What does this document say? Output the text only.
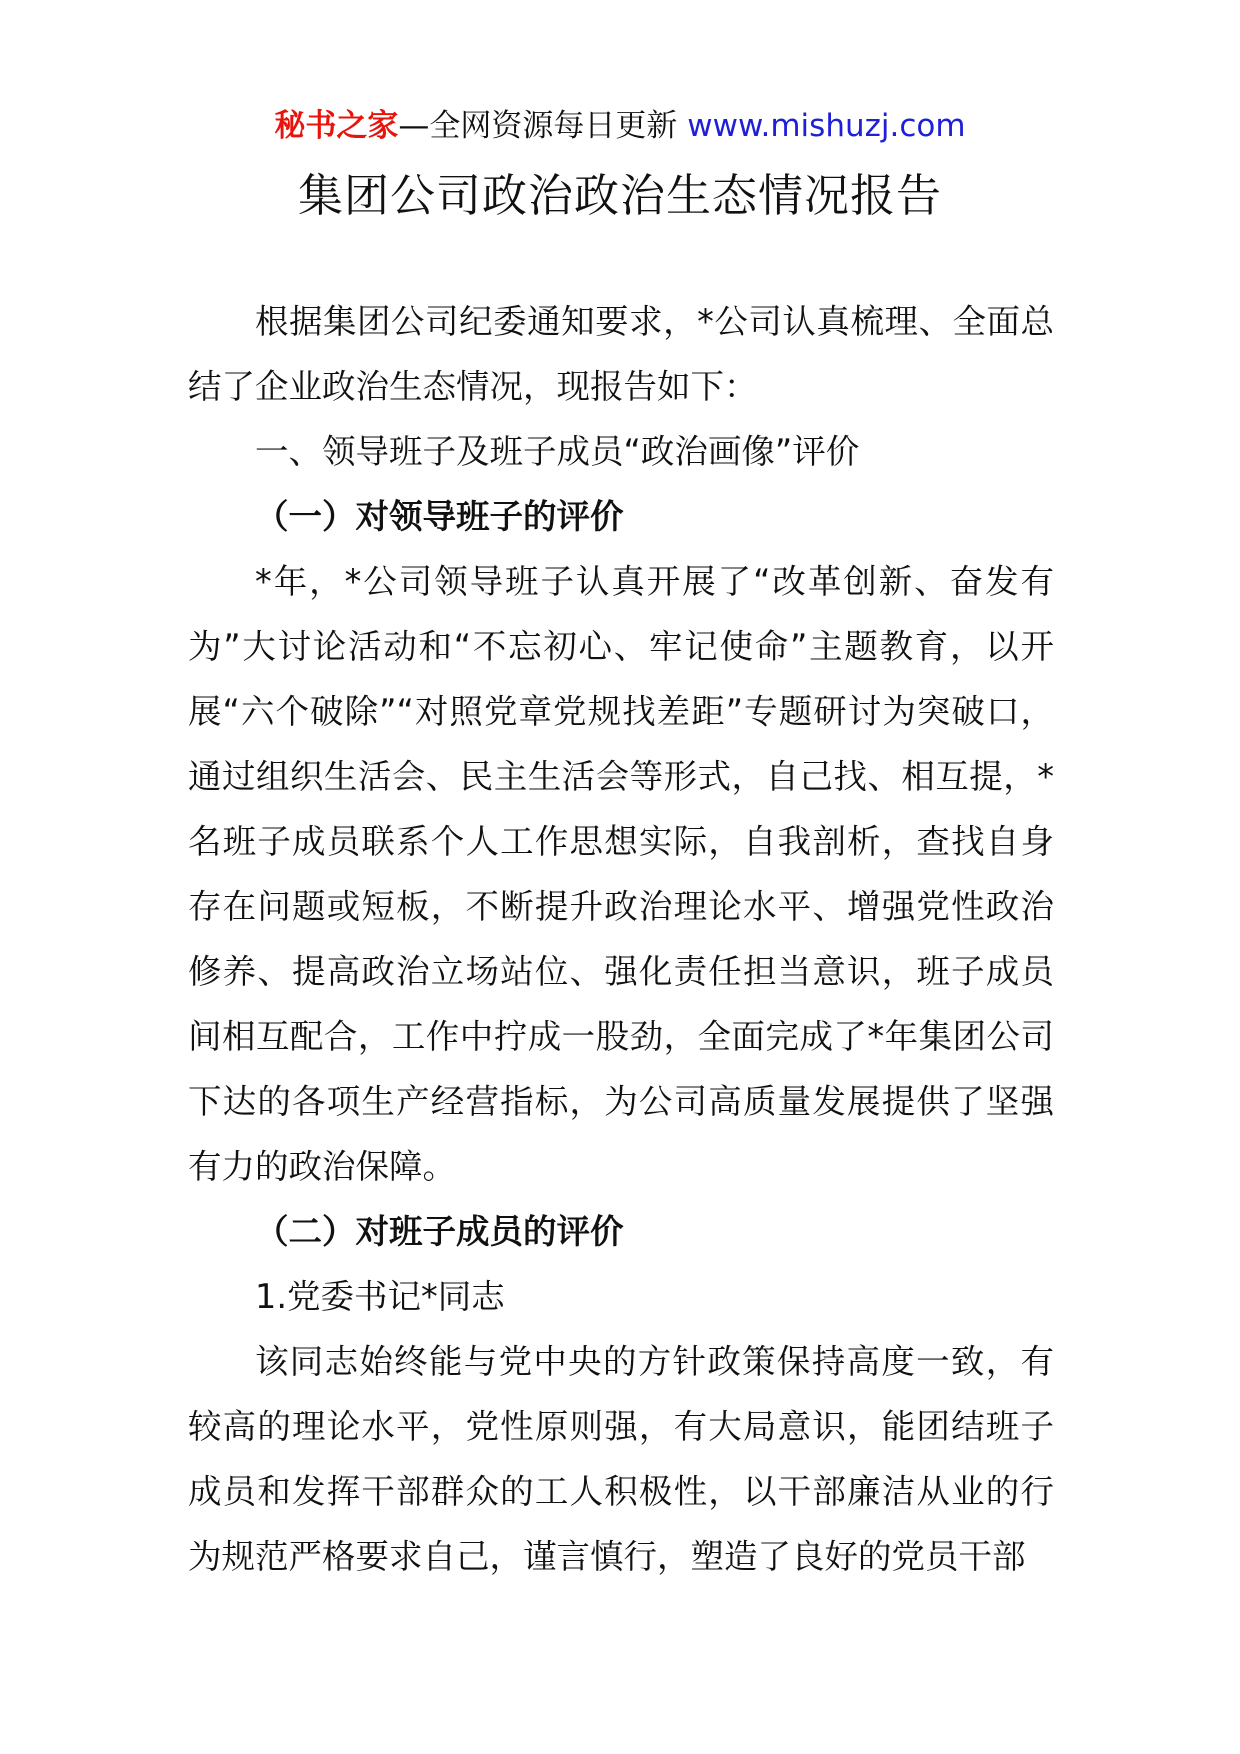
秘书之家—全网资源每日更新 www.mishuzj.com
集团公司政治政治生态情况报告

根据集团公司纪委通知要求，*公司认真梳理、全面总结了企业政治生态情况，现报告如下：

一、领导班子及班子成员“政治画像”评价

（一）对领导班子的评价

*年，*公司领导班子认真开展了“改革创新、奋发有为”大讨论活动和“不忘初心、牢记使命”主题教育，以开展“六个破除”“对照党章党规找差距”专题研讨为突破口，通过组织生活会、民主生活会等形式，自己找、相互提，*名班子成员联系个人工作思想实际，自我剖析，查找自身存在问题或短板，不断提升政治理论水平、增强党性政治修养、提高政治立场站位、强化责任担当意识，班子成员间相互配合，工作中拧成一股劲，全面完成了*年集团公司下达的各项生产经营指标，为公司高质量发展提供了坚强有力的政治保障。

（二）对班子成员的评价

1.党委书记*同志

该同志始终能与党中央的方针政策保持高度一致，有较高的理论水平，党性原则强，有大局意识，能团结班子成员和发挥干部群众的工人积极性，以干部廉洁从业的行为规范严格要求自己，谨言慎行，塑造了良好的党员干部
